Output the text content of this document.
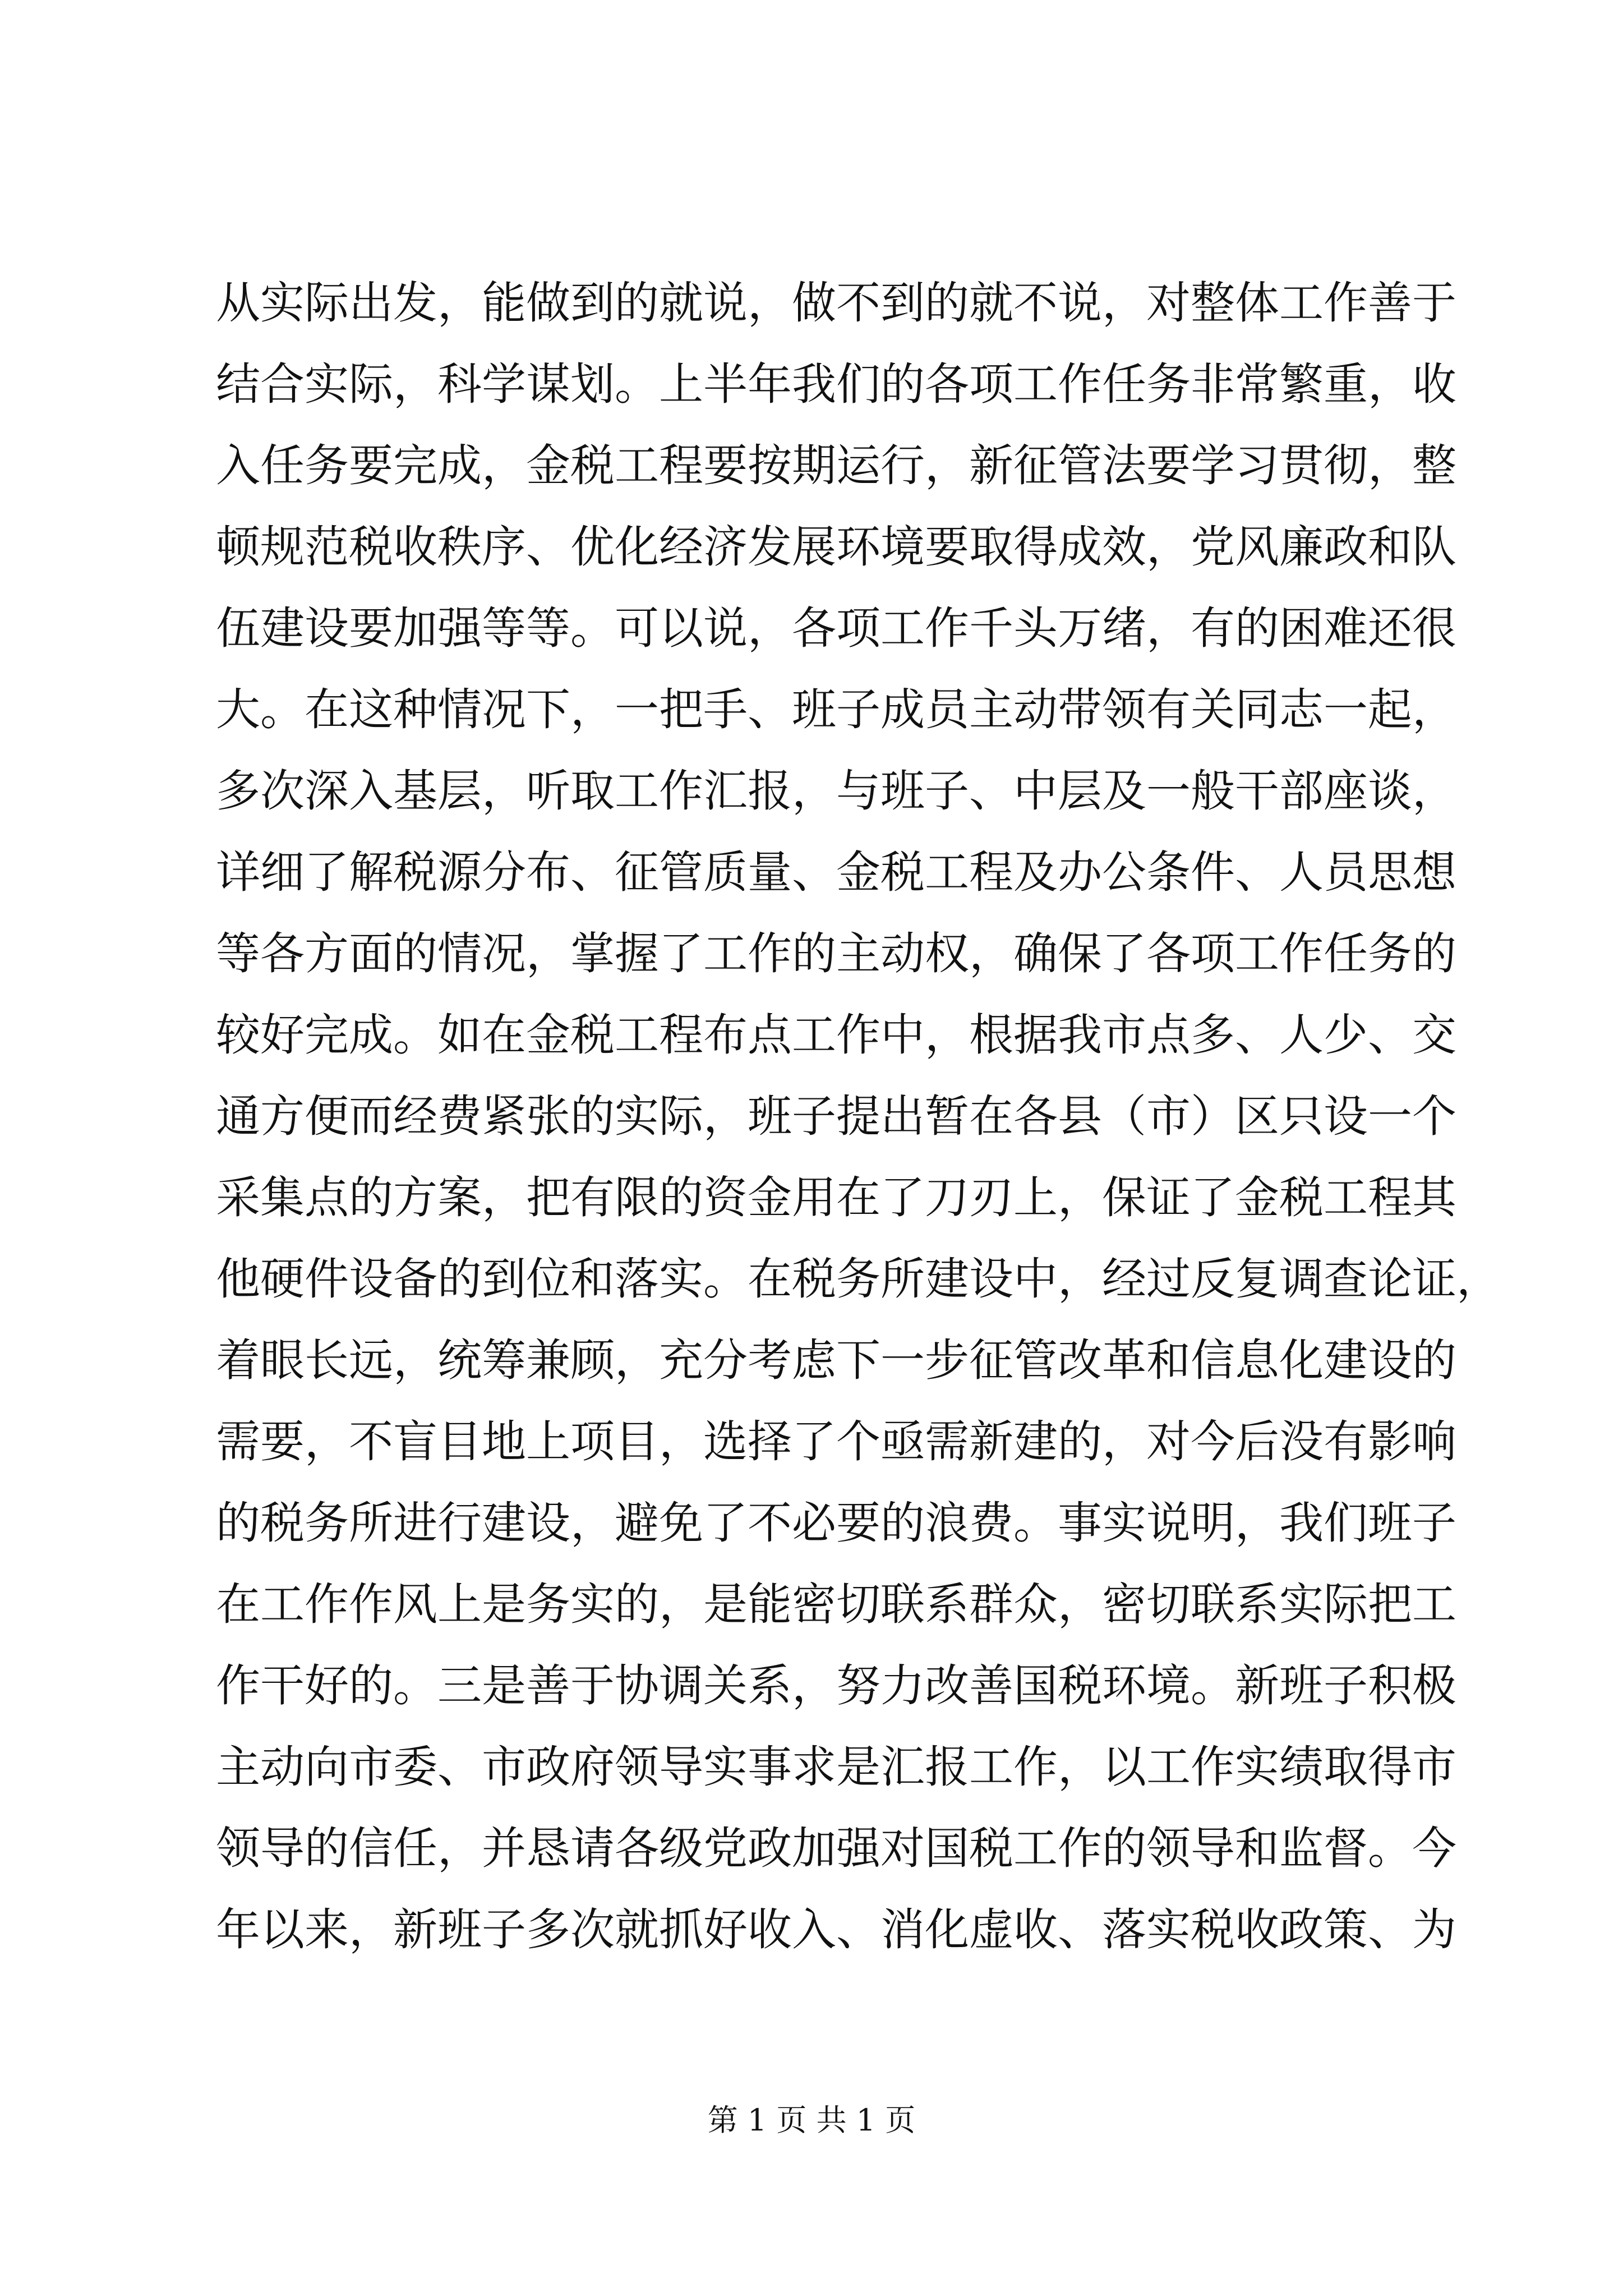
从实际出发，能做到的就说，做不到的就不说，对整体工作善于
结合实际，科学谋划。上半年我们的各项工作任务非常繁重，收
入任务要完成，金税工程要按期运行，新征管法要学习贯彻，整
顿规范税收秩序、优化经济发展环境要取得成效，党风廉政和队
伍建设要加强等等。可以说，各项工作千头万绪，有的困难还很
大。在这种情况下，一把手、班子成员主动带领有关同志一起，
多次深入基层，听取工作汇报，与班子、中层及一般干部座谈，
详细了解税源分布、征管质量、金税工程及办公条件、人员思想
等各方面的情况，掌握了工作的主动权，确保了各项工作任务的
较好完成。如在金税工程布点工作中，根据我市点多、人少、交
通方便而经费紧张的实际，班子提出暂在各县（市）区只设一个
采集点的方案，把有限的资金用在了刀刃上，保证了金税工程其
他硬件设备的到位和落实。在税务所建设中，经过反复调查论证，
着眼长远，统筹兼顾，充分考虑下一步征管改革和信息化建设的
需要，不盲目地上项目，选择了个亟需新建的，对今后没有影响
的税务所进行建设，避免了不必要的浪费。事实说明，我们班子
在工作作风上是务实的，是能密切联系群众，密切联系实际把工
作干好的。三是善于协调关系，努力改善国税环境。新班子积极
主动向市委、市政府领导实事求是汇报工作，以工作实绩取得市
领导的信任，并恳请各级党政加强对国税工作的领导和监督。今
年以来，新班子多次就抓好收入、消化虚收、落实税收政策、为
第 1 页 共 1 页
